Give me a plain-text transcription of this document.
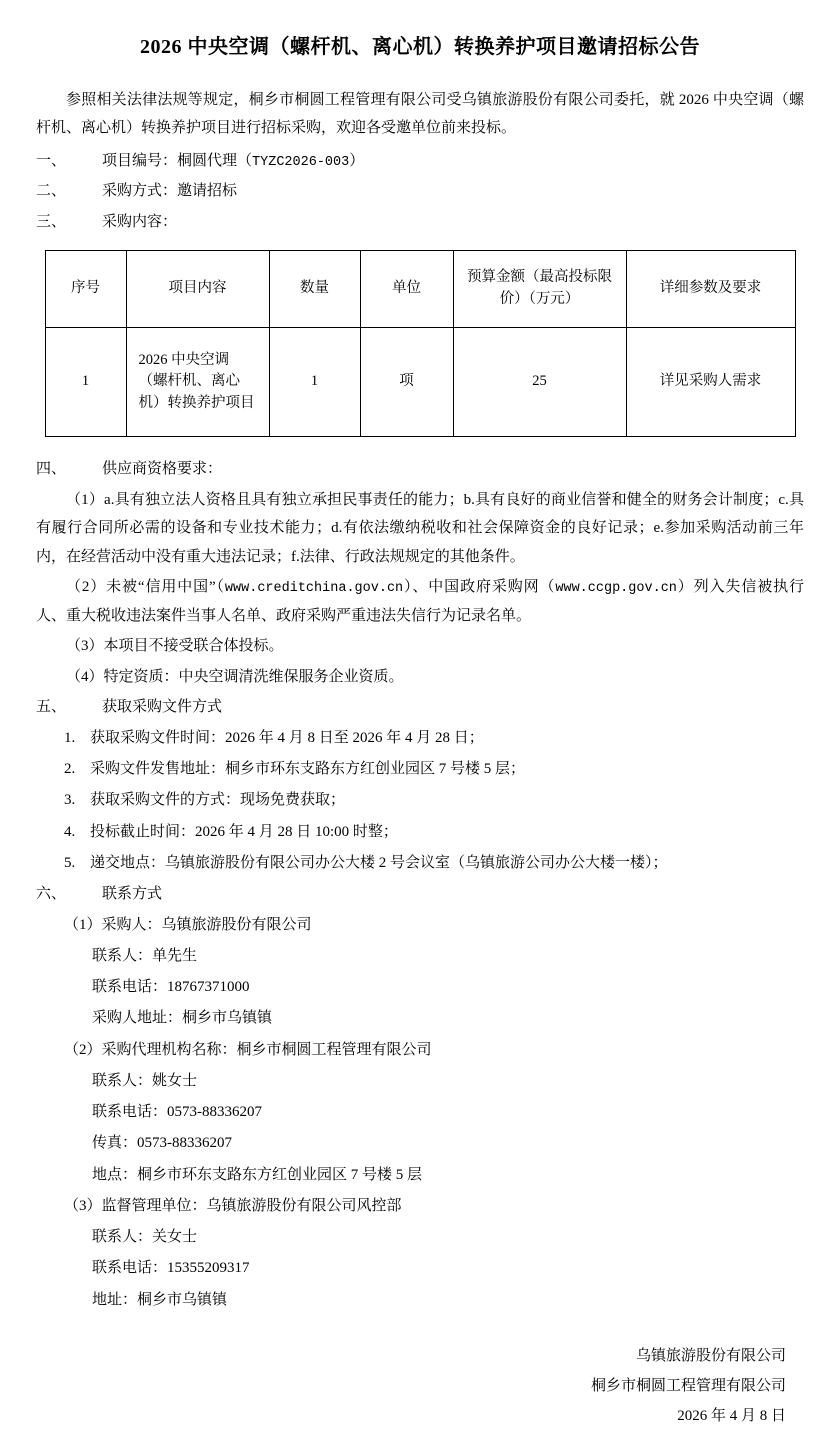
2026 中央空调（螺杆机、离心机）转换养护项目邀请招标公告

参照相关法律法规等规定，桐乡市桐圆工程管理有限公司受乌镇旅游股份有限公司委托，就 2026 中央空调（螺杆机、离心机）转换养护项目进行招标采购，欢迎各受邀单位前来投标。

一、 项目编号：桐圆代理（TYZC2026-003）
二、 采购方式：邀请招标
三、 采购内容：
序号	项目内容	数量	单位	预算金额（最高投标限价）（万元）	详细参数及要求
1	2026 中央空调（螺杆机、离心机）转换养护项目	1	项	25	详见采购人需求
四、 供应商资格要求：

（1）a.具有独立法人资格且具有独立承担民事责任的能力；b.具有良好的商业信誉和健全的财务会计制度；c.具有履行合同所必需的设备和专业技术能力；d.有依法缴纳税收和社会保障资金的良好记录；e.参加采购活动前三年内，在经营活动中没有重大违法记录；f.法律、行政法规规定的其他条件。

（2）未被“信用中国”（www.creditchina.gov.cn）、中国政府采购网（www.ccgp.gov.cn）列入失信被执行人、重大税收违法案件当事人名单、政府采购严重违法失信行为记录名单。

（3）本项目不接受联合体投标。

（4）特定资质：中央空调清洗维保服务企业资质。

五、 获取采购文件方式
1. 获取采购文件时间：2026 年 4 月 8 日至 2026 年 4 月 28 日；
2. 采购文件发售地址：桐乡市环东支路东方红创业园区 7 号楼 5 层；
3. 获取采购文件的方式：现场免费获取；
4. 投标截止时间：2026 年 4 月 28 日 10:00 时整；
5. 递交地点：乌镇旅游股份有限公司办公大楼 2 号会议室（乌镇旅游公司办公大楼一楼）；
六、 联系方式

（1）采购人：乌镇旅游股份有限公司

联系人：单先生

联系电话：18767371000

采购人地址：桐乡市乌镇镇

（2）采购代理机构名称：桐乡市桐圆工程管理有限公司

联系人：姚女士

联系电话：0573-88336207

传真：0573-88336207

地点：桐乡市环东支路东方红创业园区 7 号楼 5 层

（3）监督管理单位：乌镇旅游股份有限公司风控部

联系人：关女士

联系电话：15355209317

地址：桐乡市乌镇镇

乌镇旅游股份有限公司
桐乡市桐圆工程管理有限公司
2026 年 4 月 8 日
